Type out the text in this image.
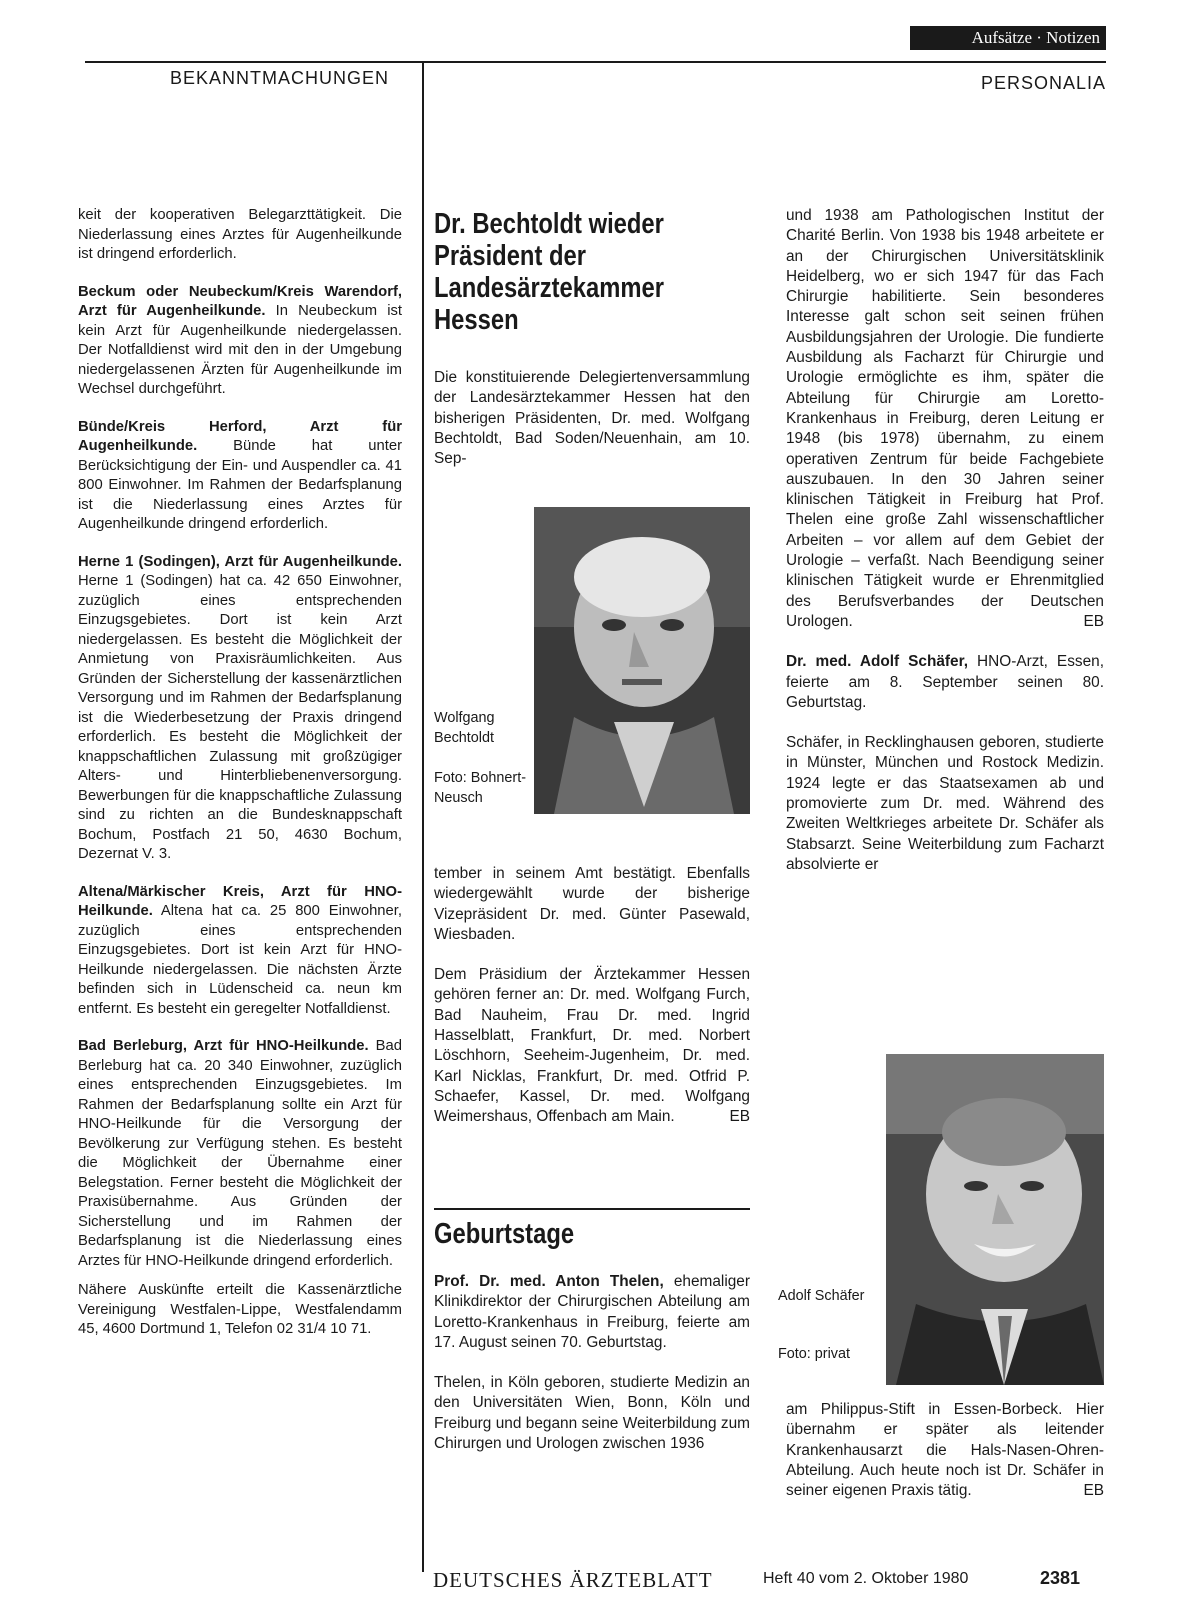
Aufsätze · Notizen
BEKANNTMACHUNGEN	PERSONALIA

keit der kooperativen Belegarzttätigkeit. Die Niederlassung eines Arztes für Augenheilkunde ist dringend erforderlich.

Beckum oder Neubeckum/Kreis Warendorf, Arzt für Augenheilkunde. In Neubeckum ist kein Arzt für Augenheilkunde niedergelassen. Der Notfalldienst wird mit den in der Umgebung niedergelassenen Ärzten für Augenheilkunde im Wechsel durchgeführt.

Bünde/Kreis Herford, Arzt für Augenheilkunde. Bünde hat unter Berücksichtigung der Ein- und Auspendler ca. 41 800 Einwohner. Im Rahmen der Bedarfsplanung ist die Niederlassung eines Arztes für Augenheilkunde dringend erforderlich.

Herne 1 (Sodingen), Arzt für Augenheilkunde. Herne 1 (Sodingen) hat ca. 42 650 Einwohner, zuzüglich eines entsprechenden Einzugsgebietes. Dort ist kein Arzt niedergelassen. Es besteht die Möglichkeit der Anmietung von Praxisräumlichkeiten. Aus Gründen der Sicherstellung der kassenärztlichen Versorgung und im Rahmen der Bedarfsplanung ist die Wiederbesetzung der Praxis dringend erforderlich. Es besteht die Möglichkeit der knappschaftlichen Zulassung mit großzügiger Alters- und Hinterbliebenenversorgung. Bewerbungen für die knappschaftliche Zulassung sind zu richten an die Bundesknappschaft Bochum, Postfach 21 50, 4630 Bochum, Dezernat V. 3.

Altena/Märkischer Kreis, Arzt für HNO-Heilkunde. Altena hat ca. 25 800 Einwohner, zuzüglich eines entsprechenden Einzugsgebietes. Dort ist kein Arzt für HNO-Heilkunde niedergelassen. Die nächsten Ärzte befinden sich in Lüdenscheid ca. neun km entfernt. Es besteht ein geregelter Notfalldienst.

Bad Berleburg, Arzt für HNO-Heilkunde. Bad Berleburg hat ca. 20 340 Einwohner, zuzüglich eines entsprechenden Einzugsgebietes. Im Rahmen der Bedarfsplanung sollte ein Arzt für HNO-Heilkunde für die Versorgung der Bevölkerung zur Verfügung stehen. Es besteht die Möglichkeit der Übernahme einer Belegstation. Ferner besteht die Möglichkeit der Praxisübernahme. Aus Gründen der Sicherstellung und im Rahmen der Bedarfsplanung ist die Niederlassung eines Arztes für HNO-Heilkunde dringend erforderlich.

Nähere Auskünfte erteilt die Kassenärztliche Vereinigung Westfalen-Lippe, Westfalendamm 45, 4600 Dortmund 1, Telefon 02 31/4 10 71.

Dr. Bechtoldt wieder Präsident der Landesärztekammer Hessen

Die konstituierende Delegiertenversammlung der Landesärztekammer Hessen hat den bisherigen Präsidenten, Dr. med. Wolfgang Bechtoldt, Bad Soden/Neuenhain, am 10. Sep-

Wolfgang Bechtoldt
Foto: Bohnert-Neusch

tember in seinem Amt bestätigt. Ebenfalls wiedergewählt wurde der bisherige Vizepräsident Dr. med. Günter Pasewald, Wiesbaden.

Dem Präsidium der Ärztekammer Hessen gehören ferner an: Dr. med. Wolfgang Furch, Bad Nauheim, Frau Dr. med. Ingrid Hasselblatt, Frankfurt, Dr. med. Norbert Löschhorn, Seeheim-Jugenheim, Dr. med. Karl Nicklas, Frankfurt, Dr. med. Otfrid P. Schaefer, Kassel, Dr. med. Wolfgang Weimershaus, Offenbach am Main.	EB

Geburtstage

Prof. Dr. med. Anton Thelen, ehemaliger Klinikdirektor der Chirurgischen Abteilung am Loretto-Krankenhaus in Freiburg, feierte am 17. August seinen 70. Geburtstag.

Thelen, in Köln geboren, studierte Medizin an den Universitäten Wien, Bonn, Köln und Freiburg und begann seine Weiterbildung zum Chirurgen und Urologen zwischen 1936

und 1938 am Pathologischen Institut der Charité Berlin. Von 1938 bis 1948 arbeitete er an der Chirurgischen Universitätsklinik Heidelberg, wo er sich 1947 für das Fach Chirurgie habilitierte. Sein besonderes Interesse galt schon seit seinen frühen Ausbildungsjahren der Urologie. Die fundierte Ausbildung als Facharzt für Chirurgie und Urologie ermöglichte es ihm, später die Abteilung für Chirurgie am Loretto-Krankenhaus in Freiburg, deren Leitung er 1948 (bis 1978) übernahm, zu einem operativen Zentrum für beide Fachgebiete auszubauen. In den 30 Jahren seiner klinischen Tätigkeit in Freiburg hat Prof. Thelen eine große Zahl wissenschaftlicher Arbeiten – vor allem auf dem Gebiet der Urologie – verfaßt. Nach Beendigung seiner klinischen Tätigkeit wurde er Ehrenmitglied des Berufsverbandes der Deutschen Urologen.	EB

Dr. med. Adolf Schäfer, HNO-Arzt, Essen, feierte am 8. September seinen 80. Geburtstag.

Schäfer, in Recklinghausen geboren, studierte in Münster, München und Rostock Medizin. 1924 legte er das Staatsexamen ab und promovierte zum Dr. med. Während des Zweiten Weltkrieges arbeitete Dr. Schäfer als Stabsarzt. Seine Weiterbildung zum Facharzt absolvierte er

Adolf Schäfer
Foto: privat

am Philippus-Stift in Essen-Borbeck. Hier übernahm er später als leitender Krankenhausarzt die Hals-Nasen-Ohren-Abteilung. Auch heute noch ist Dr. Schäfer in seiner eigenen Praxis tätig.	EB

DEUTSCHES ÄRZTEBLATT	Heft 40 vom 2. Oktober 1980	2381
